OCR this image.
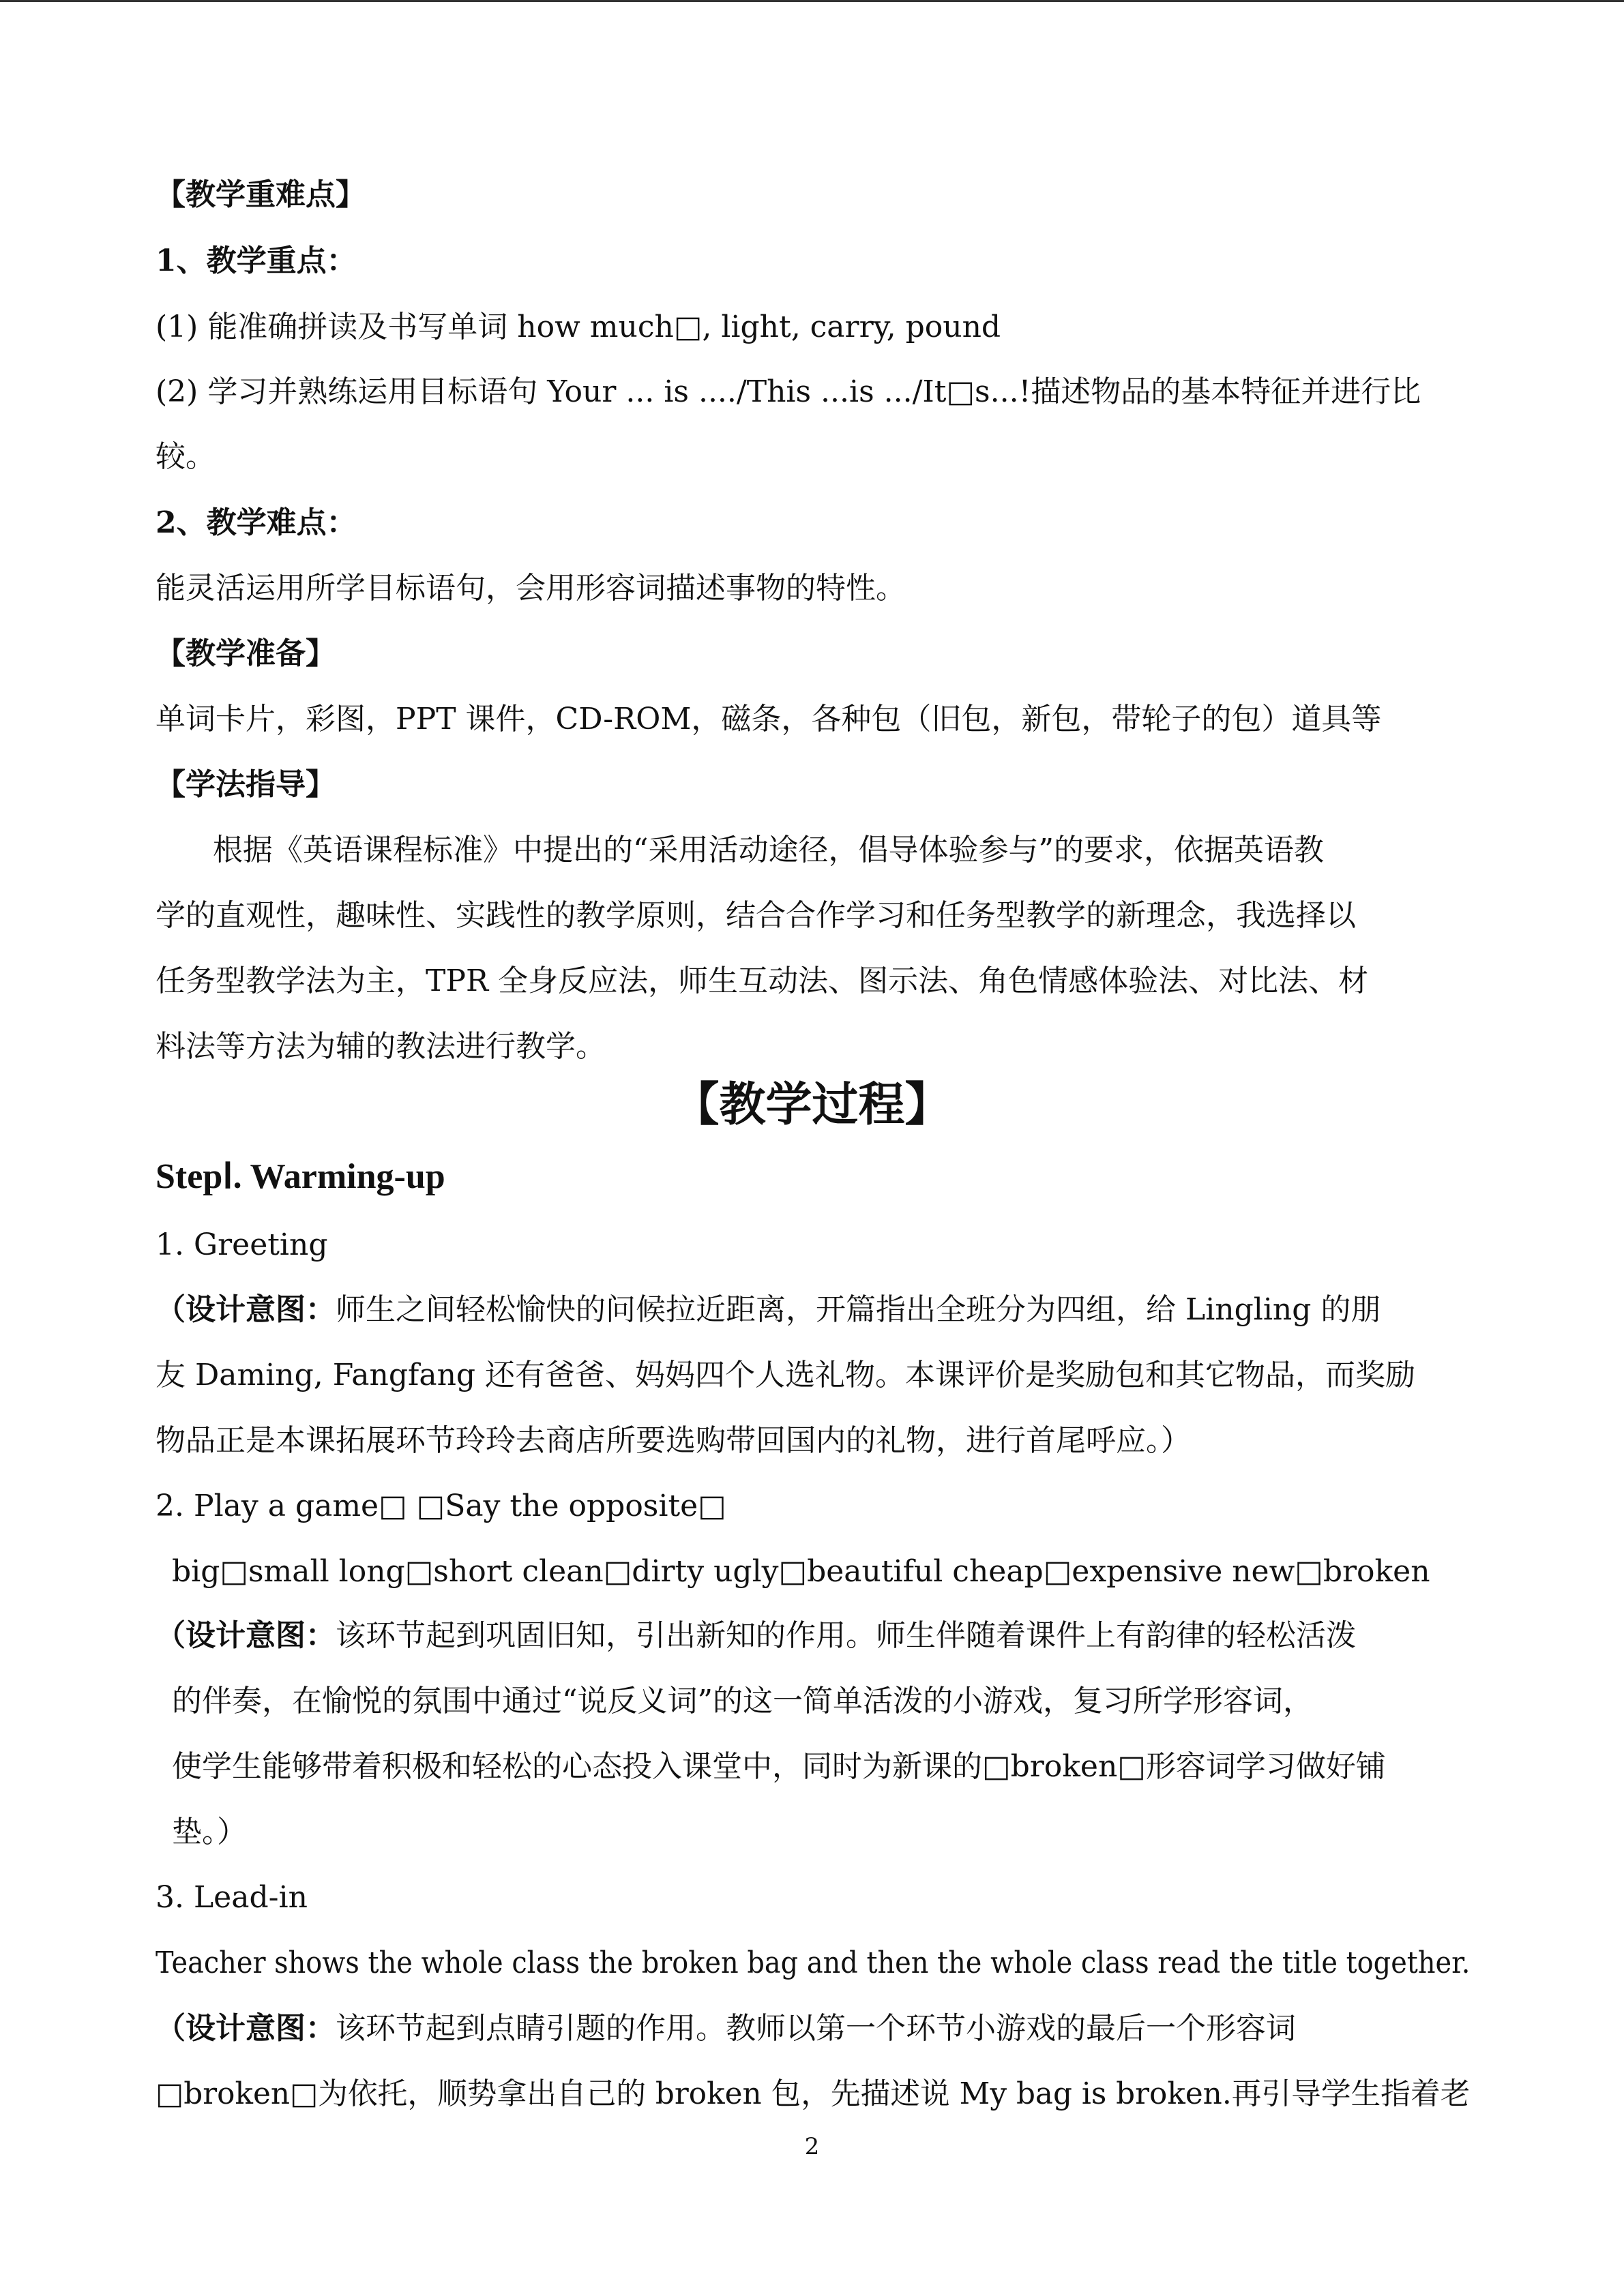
【教学重难点】

1、教学重点：

(1) 能准确拼读及书写单词 how much□, light, carry, pound

(2) 学习并熟练运用目标语句 Your ... is ..../This ...is .../It□s...!描述物品的基本特征并进行比

较。

2、教学难点：

能灵活运用所学目标语句，会用形容词描述事物的特性。

【教学准备】

单词卡片，彩图，PPT 课件，CD-ROM，磁条，各种包（旧包，新包，带轮子的包）道具等

【学法指导】

根据《英语课程标准》中提出的“采用活动途径，倡导体验参与”的要求，依据英语教

学的直观性，趣味性、实践性的教学原则，结合合作学习和任务型教学的新理念，我选择以

任务型教学法为主，TPR 全身反应法，师生互动法、图示法、角色情感体验法、对比法、材

料法等方法为辅的教法进行教学。

【教学过程】

StepⅠ. Warming-up

1. Greeting

（设计意图：师生之间轻松愉快的问候拉近距离，开篇指出全班分为四组，给 Lingling 的朋

友 Daming, Fangfang 还有爸爸、妈妈四个人选礼物。本课评价是奖励包和其它物品，而奖励

物品正是本课拓展环节玲玲去商店所要选购带回国内的礼物，进行首尾呼应。）

2. Play a game□ □Say the opposite□

big□small long□short clean□dirty ugly□beautiful cheap□expensive new□broken

（设计意图：该环节起到巩固旧知，引出新知的作用。师生伴随着课件上有韵律的轻松活泼

的伴奏，在愉悦的氛围中通过“说反义词”的这一简单活泼的小游戏，复习所学形容词，

使学生能够带着积极和轻松的心态投入课堂中，同时为新课的□broken□形容词学习做好铺

垫。）

3. Lead-in

Teacher shows the whole class the broken bag and then the whole class read the title together.

（设计意图：该环节起到点睛引题的作用。教师以第一个环节小游戏的最后一个形容词

□broken□为依托，顺势拿出自己的 broken 包，先描述说 My bag is broken.再引导学生指着老

2
